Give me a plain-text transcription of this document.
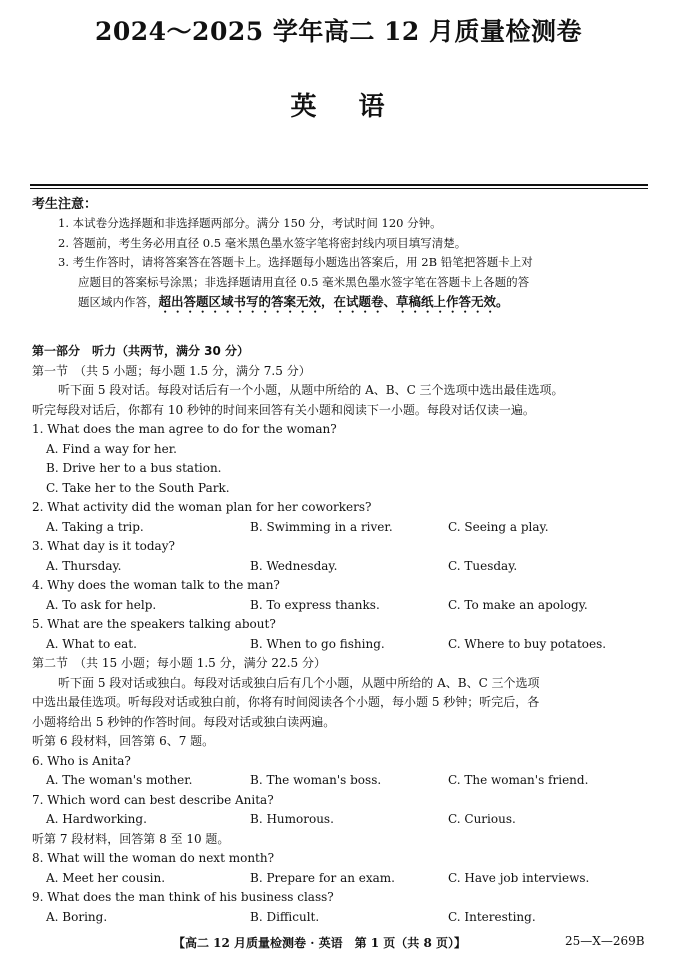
2024～2025 学年高二 12 月质量检测卷
英语
考生注意：
1. 本试卷分选择题和非选择题两部分。满分 150 分，考试时间 120 分钟。
2. 答题前，考生务必用直径 0.5 毫米黑色墨水签字笔将密封线内项目填写清楚。
3. 考生作答时，请将答案答在答题卡上。选择题每小题选出答案后，用 2B 铅笔把答题卡上对
应题目的答案标号涂黑；非选择题请用直径 0.5 毫米黑色墨水签字笔在答题卡上各题的答
题区域内作答，超出答题区域书写的答案无效，在试题卷、草稿纸上作答无效。
第一部分　听力（共两节，满分 30 分）
第一节　（共 5 小题；每小题 1.5 分，满分 7.5 分）
听下面 5 段对话。每段对话后有一个小题，从题中所给的 A、B、C 三个选项中选出最佳选项。
听完每段对话后，你都有 10 秒钟的时间来回答有关小题和阅读下一小题。每段对话仅读一遍。
1. What does the man agree to do for the woman?
A. Find a way for her.
B. Drive her to a bus station.
C. Take her to the South Park.
2. What activity did the woman plan for her coworkers?
A. Taking a trip.	B. Swimming in a river.	C. Seeing a play.
3. What day is it today?
A. Thursday.	B. Wednesday.	C. Tuesday.
4. Why does the woman talk to the man?
A. To ask for help.	B. To express thanks.	C. To make an apology.
5. What are the speakers talking about?
A. What to eat.	B. When to go fishing.	C. Where to buy potatoes.
第二节　（共 15 小题；每小题 1.5 分，满分 22.5 分）
听下面 5 段对话或独白。每段对话或独白后有几个小题，从题中所给的 A、B、C 三个选项
中选出最佳选项。听每段对话或独白前，你将有时间阅读各个小题，每小题 5 秒钟；听完后，各
小题将给出 5 秒钟的作答时间。每段对话或独白读两遍。
听第 6 段材料，回答第 6、7 题。
6. Who is Anita?
A. The woman's mother.	B. The woman's boss.	C. The woman's friend.
7. Which word can best describe Anita?
A. Hardworking.	B. Humorous.	C. Curious.
听第 7 段材料，回答第 8 至 10 题。
8. What will the woman do next month?
A. Meet her cousin.	B. Prepare for an exam.	C. Have job interviews.
9. What does the man think of his business class?
A. Boring.	B. Difficult.	C. Interesting.
【高二 12 月质量检测卷 · 英语　第 1 页（共 8 页）】	25—X—269B
